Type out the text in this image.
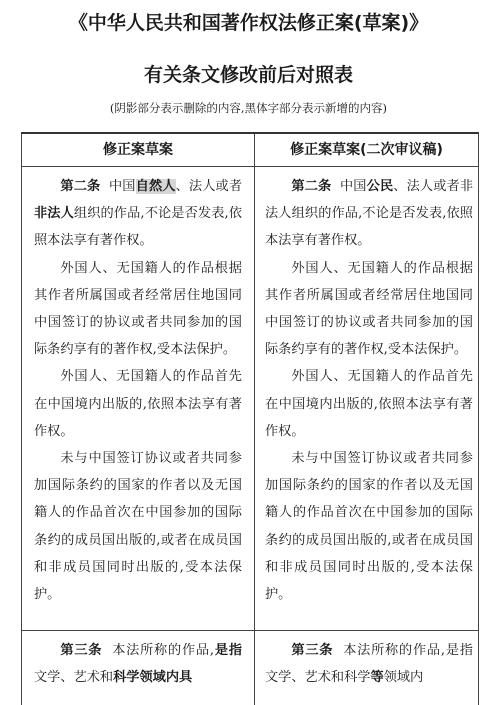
《中华人民共和国著作权法修正案(草案)》
有关条文修改前后对照表
(阴影部分表示删除的内容,黑体字部分表示新增的内容)
修正案草案	修正案草案(二次审议稿)

第二条 中国自然人、法人或者非法人组织的作品,不论是否发表,依照本法享有著作权。

外国人、无国籍人的作品根据其作者所属国或者经常居住地国同中国签订的协议或者共同参加的国际条约享有的著作权,受本法保护。

外国人、无国籍人的作品首先在中国境内出版的,依照本法享有著作权。

未与中国签订协议或者共同参加国际条约的国家的作者以及无国籍人的作品首次在中国参加的国际条约的成员国出版的,或者在成员国和非成员国同时出版的,受本法保护。

第二条 中国公民、法人或者非法人组织的作品,不论是否发表,依照本法享有著作权。

外国人、无国籍人的作品根据其作者所属国或者经常居住地国同中国签订的协议或者共同参加的国际条约享有的著作权,受本法保护。

外国人、无国籍人的作品首先在中国境内出版的,依照本法享有著作权。

未与中国签订协议或者共同参加国际条约的国家的作者以及无国籍人的作品首次在中国参加的国际条约的成员国出版的,或者在成员国和非成员国同时出版的,受本法保护。

第三条 本法所称的作品,是指文学、艺术和科学领域内具

第三条 本法所称的作品,是指文学、艺术和科学等领域内
